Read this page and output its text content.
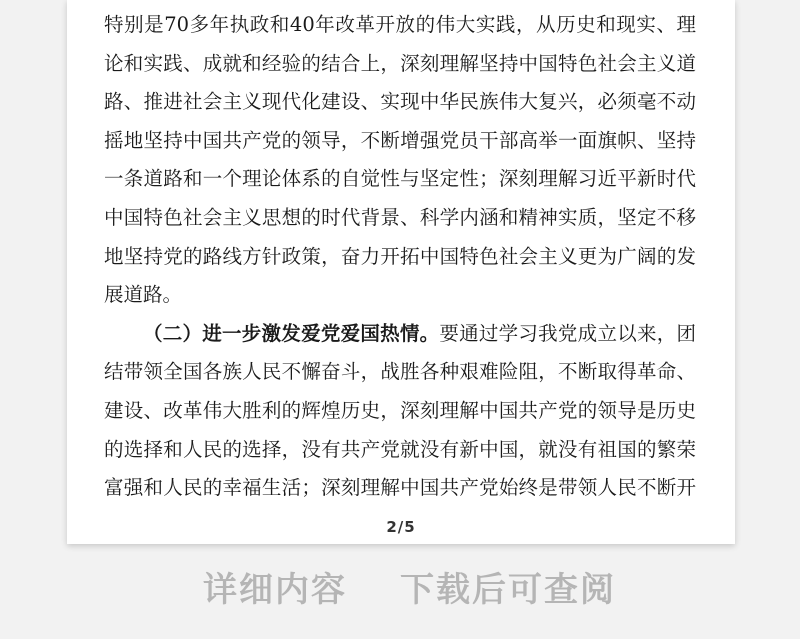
特别是70多年执政和40年改革开放的伟大实践，从历史和现实、理
论和实践、成就和经验的结合上，深刻理解坚持中国特色社会主义道
路、推进社会主义现代化建设、实现中华民族伟大复兴，必须毫不动
摇地坚持中国共产党的领导，不断增强党员干部高举一面旗帜、坚持
一条道路和一个理论体系的自觉性与坚定性；深刻理解习近平新时代
中国特色社会主义思想的时代背景、科学内涵和精神实质，坚定不移
地坚持党的路线方针政策，奋力开拓中国特色社会主义更为广阔的发
展道路。
（二）进一步激发爱党爱国热情。要通过学习我党成立以来，团
结带领全国各族人民不懈奋斗，战胜各种艰难险阻，不断取得革命、
建设、改革伟大胜利的辉煌历史，深刻理解中国共产党的领导是历史
的选择和人民的选择，没有共产党就没有新中国，就没有祖国的繁荣
富强和人民的幸福生活；深刻理解中国共产党始终是带领人民不断开
2/5
详细内容 下载后可查阅
